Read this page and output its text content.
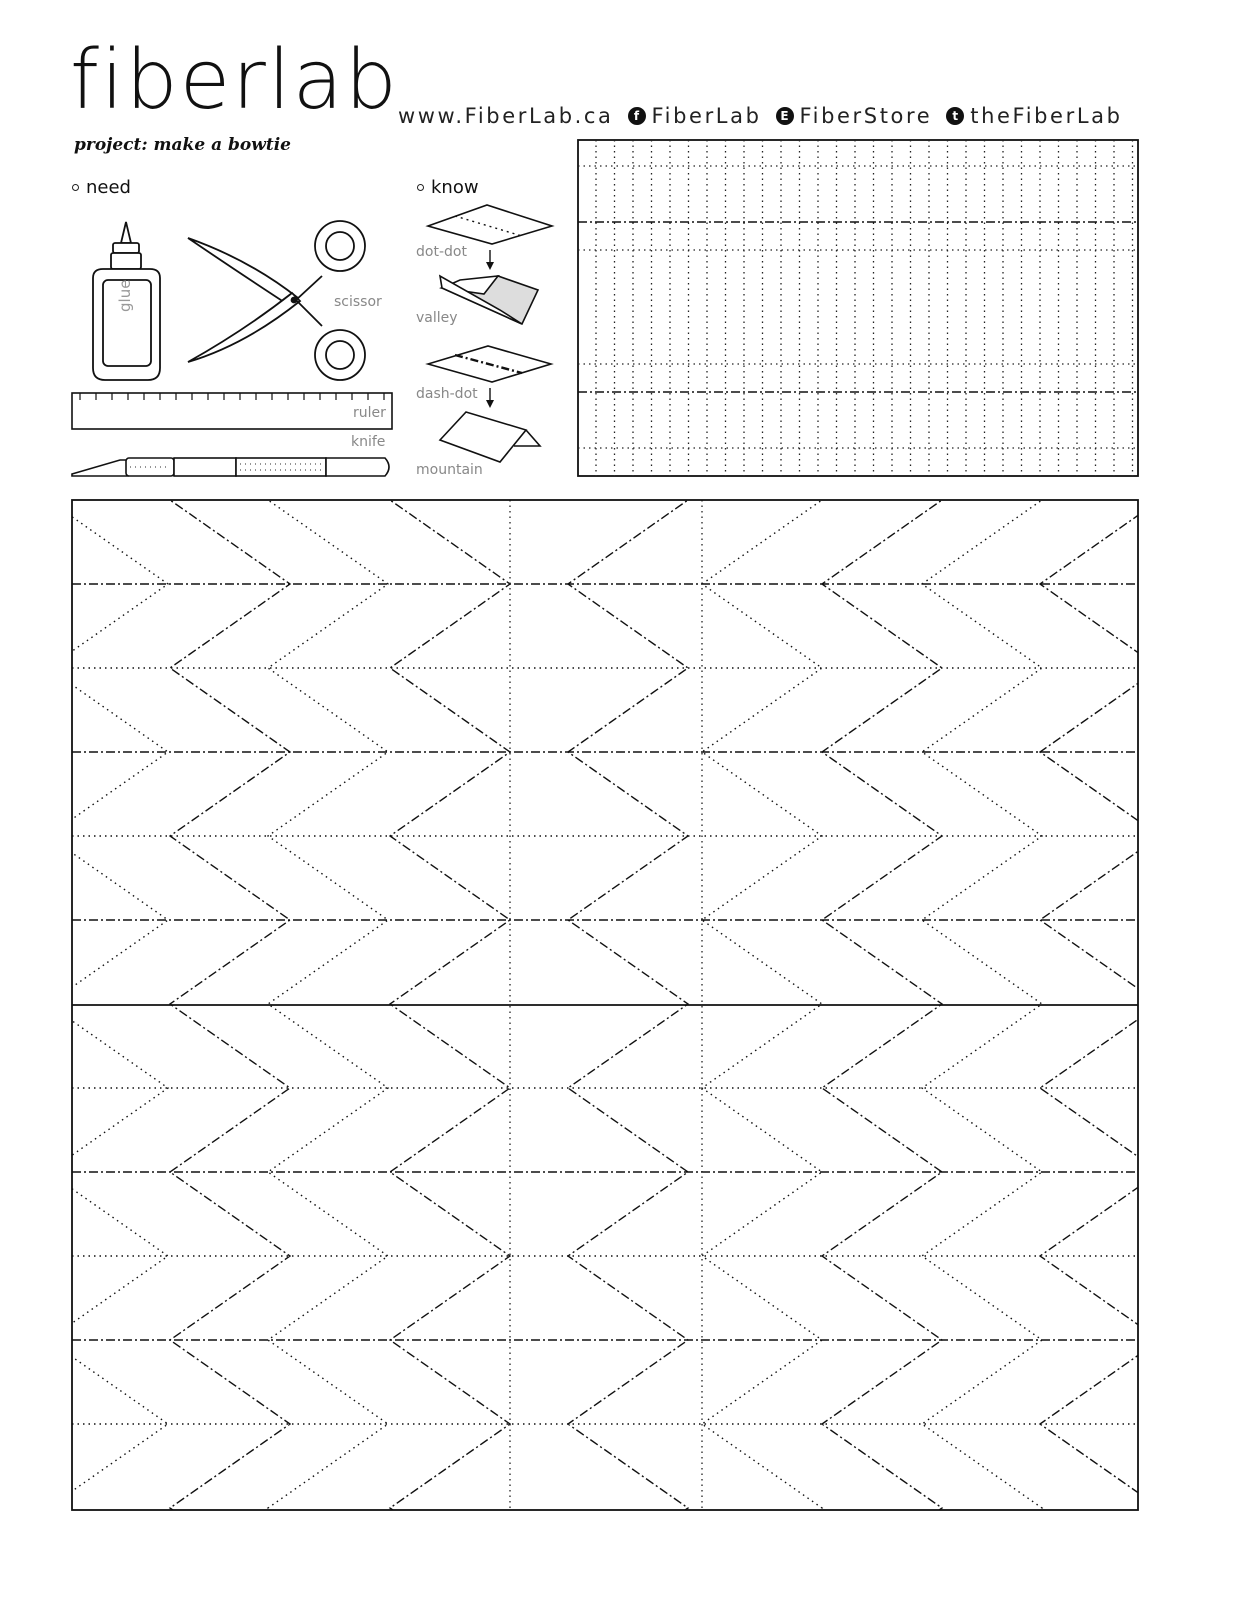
fiberlab www.FiberLab.ca	f FiberLab	E FiberStore	t theFiberLab
project: make a bowtie
need	know
glue	scissor
ruler
knife
dot-dot
valley
dash-dot
mountain
